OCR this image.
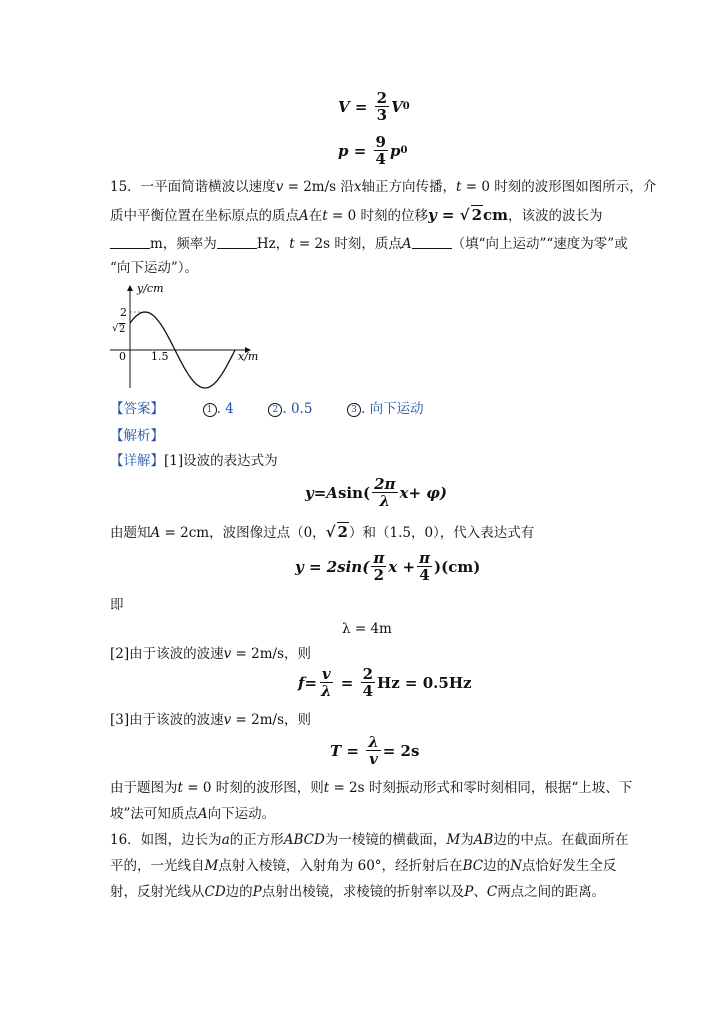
$V = \frac{2}{3}$ V 0
$p = \frac{9}{4}$ p 0
15．一平面简谐横波以速度v = 2m/s 沿x轴正方向传播，t = 0 时刻的波形图如图所示，介
质中平衡位置在坐标原点的质点A在t = 0 时刻的位移y = √ 2cm，该波的波长为
m，频率为	Hz，t = 2s 时刻，质点A	（填“向上运动”“速度为零”或
“向下运动”）。
y/cm
2
√ 2
0 1.5	x/m
【答案】	1 . 4	2 . 0.5	3 . 向下运动
【解析】
【详解】[1]设波的表达式为
y = A $\sin( \frac{2\pi}{\lambda}$ x + φ)
由题知A = 2cm，波图像过点（0，√ 2）和（1.5，0），代入表达式有
$y = 2\sin( \frac{\pi}{2}$ $x + \frac{\pi}{4} )(cm)$
即
λ = 4m
[2]由于该波的波速v = 2m/s，则
$f = \frac{v}{\lambda} = \frac{2}{4}$ Hz = 0.5Hz
[3]由于该波的波速v = 2m/s，则
$T = \frac{\lambda}{v} = 2s$
由于题图为t = 0 时刻的波形图，则t = 2s 时刻振动形式和零时刻相同，根据“上坡、下
坡”法可知质点A向下运动。
16．如图，边长为a的正方形ABCD为一棱镜的横截面，M为AB边的中点。在截面所在
平的，一光线自M点射入棱镜，入射角为 60°，经折射后在BC边的N点恰好发生全反
射，反射光线从CD边的P点射出棱镜，求棱镜的折射率以及P、C两点之间的距离。
